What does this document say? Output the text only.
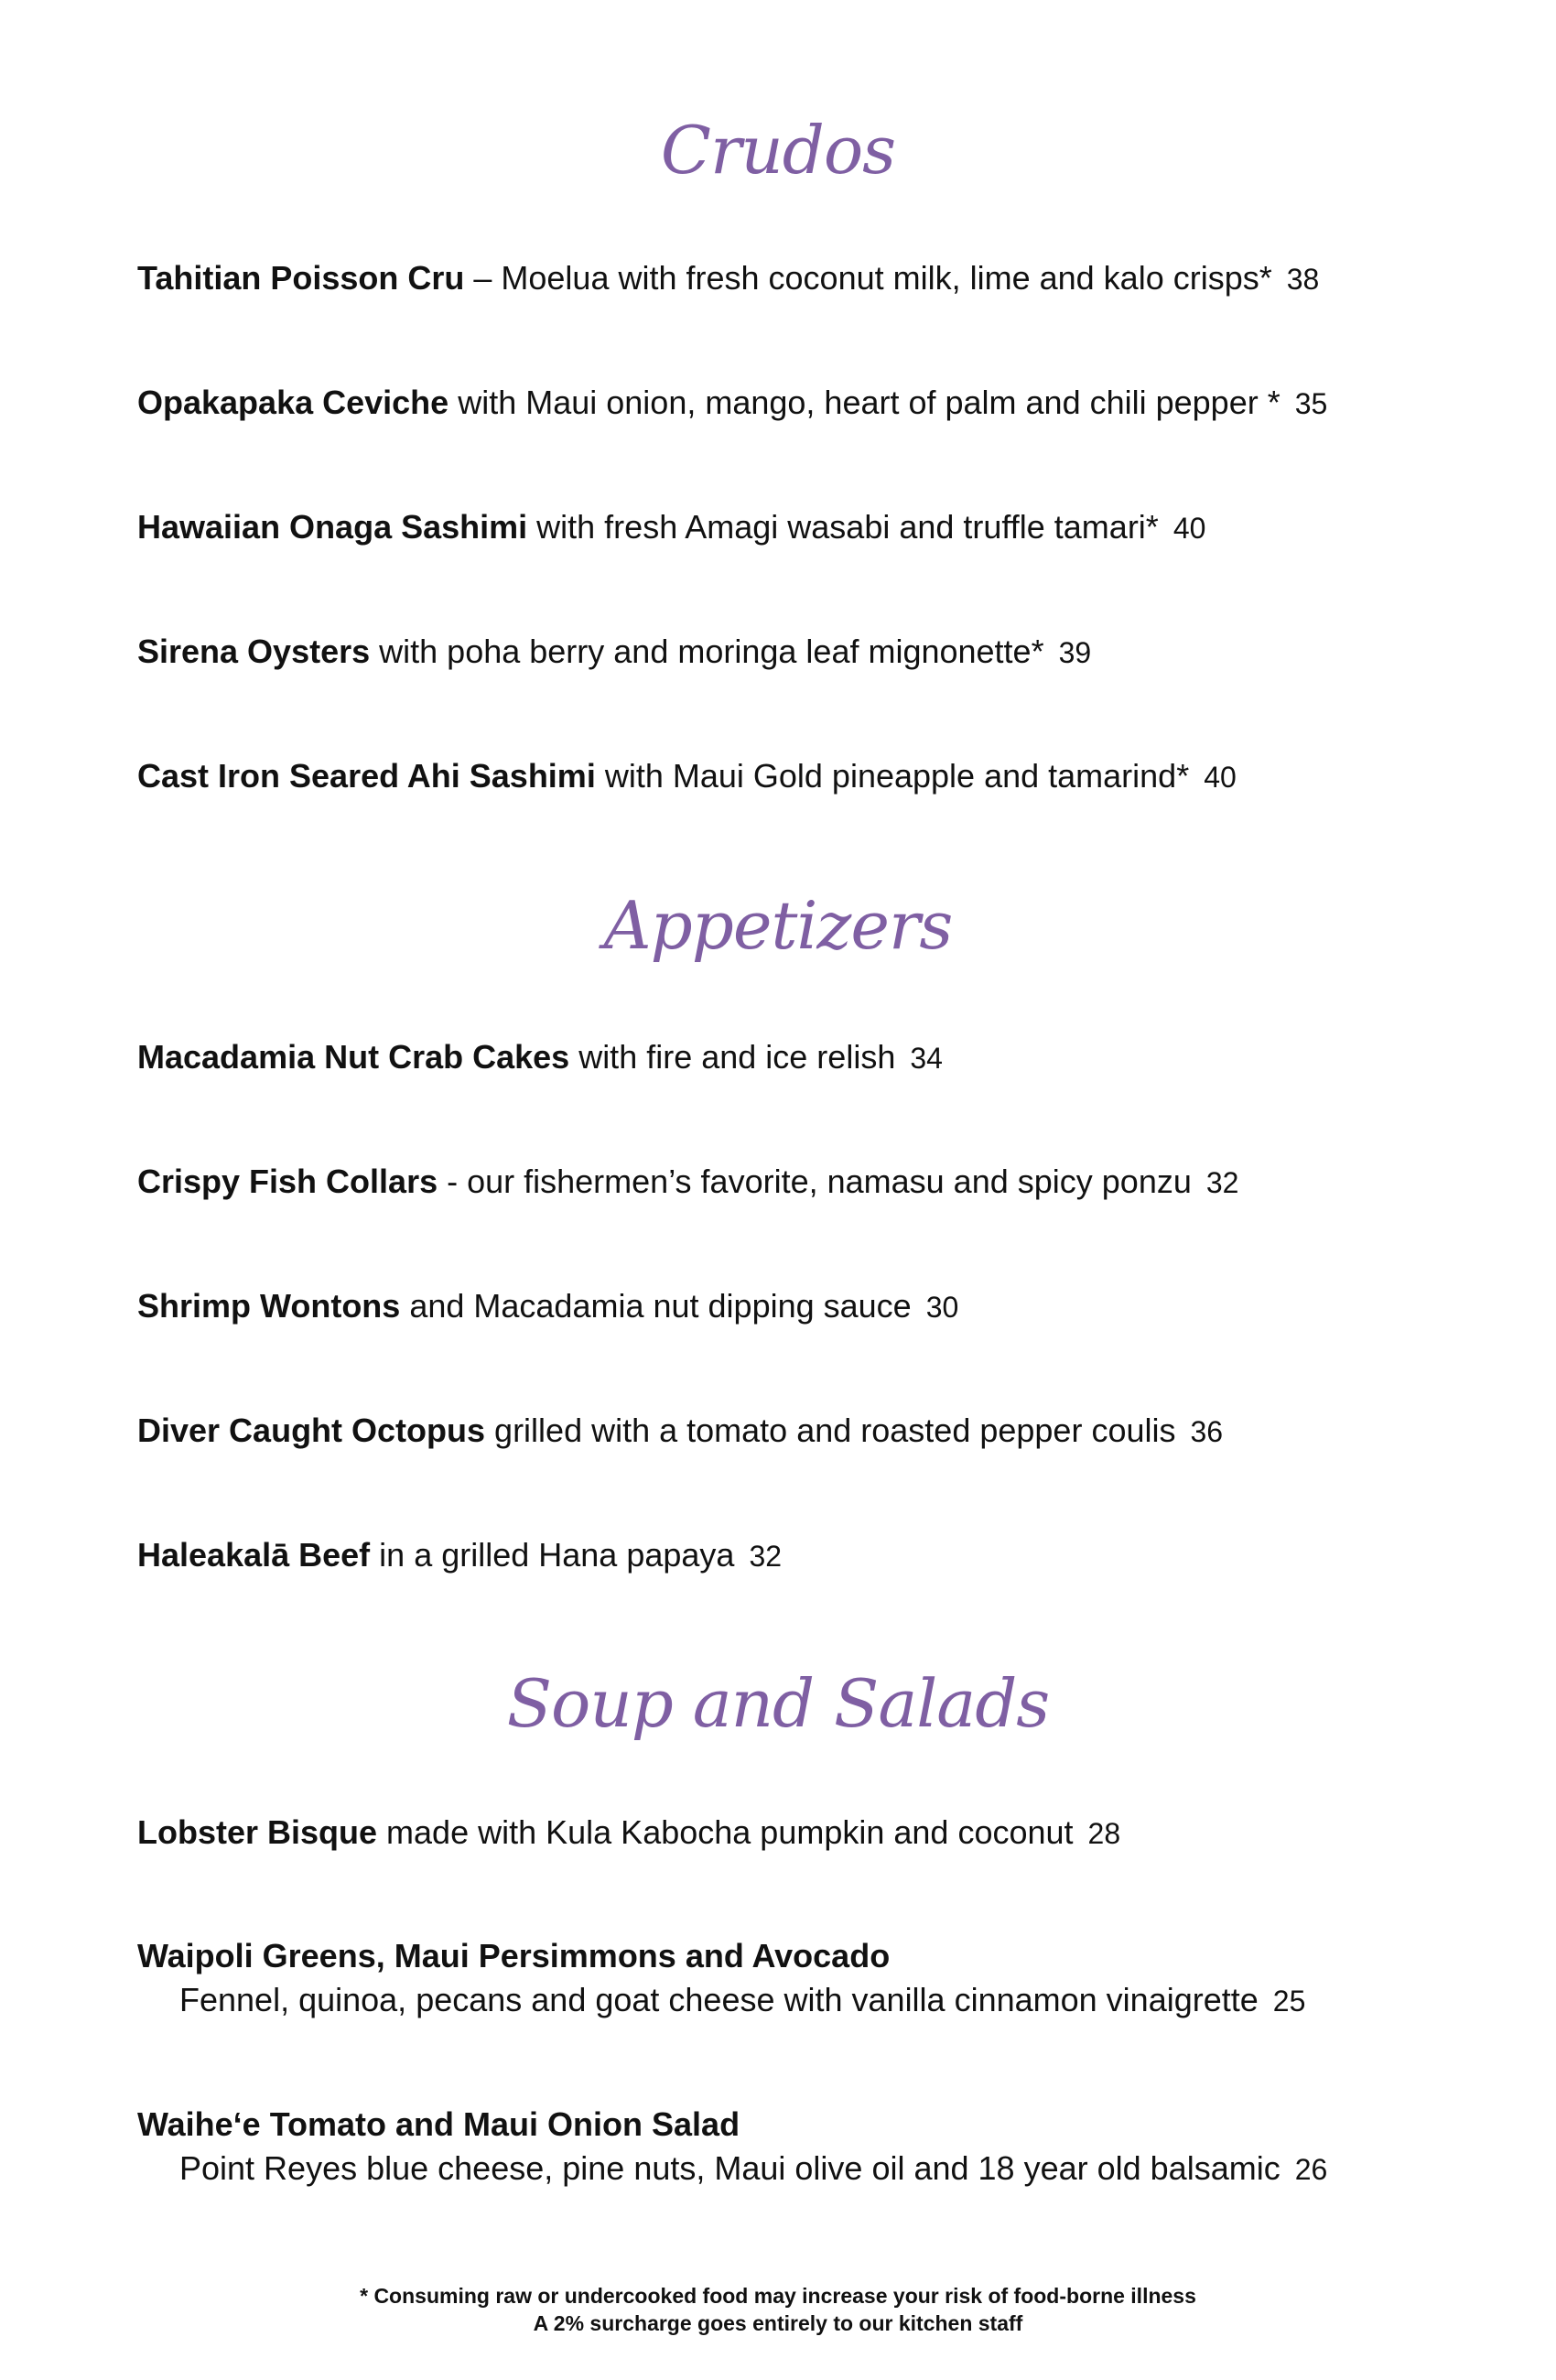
Crudos
Tahitian Poisson Cru – Moelua with fresh coconut milk, lime and kalo crisps* 38
Opakapaka Ceviche with Maui onion, mango, heart of palm and chili pepper * 35
Hawaiian Onaga Sashimi with fresh Amagi wasabi and truffle tamari* 40
Sirena Oysters with poha berry and moringa leaf mignonette* 39
Cast Iron Seared Ahi Sashimi with Maui Gold pineapple and tamarind* 40
Appetizers
Macadamia Nut Crab Cakes with fire and ice relish 34
Crispy Fish Collars - our fishermen’s favorite, namasu and spicy ponzu 32
Shrimp Wontons and Macadamia nut dipping sauce 30
Diver Caught Octopus grilled with a tomato and roasted pepper coulis 36
Haleakalā Beef in a grilled Hana papaya 32
Soup and Salads
Lobster Bisque made with Kula Kabocha pumpkin and coconut 28
Waipoli Greens, Maui Persimmons and Avocado
Fennel, quinoa, pecans and goat cheese with vanilla cinnamon vinaigrette 25
Waihe‘e Tomato and Maui Onion Salad
Point Reyes blue cheese, pine nuts, Maui olive oil and 18 year old balsamic 26
* Consuming raw or undercooked food may increase your risk of food-borne illness
A 2% surcharge goes entirely to our kitchen staff
